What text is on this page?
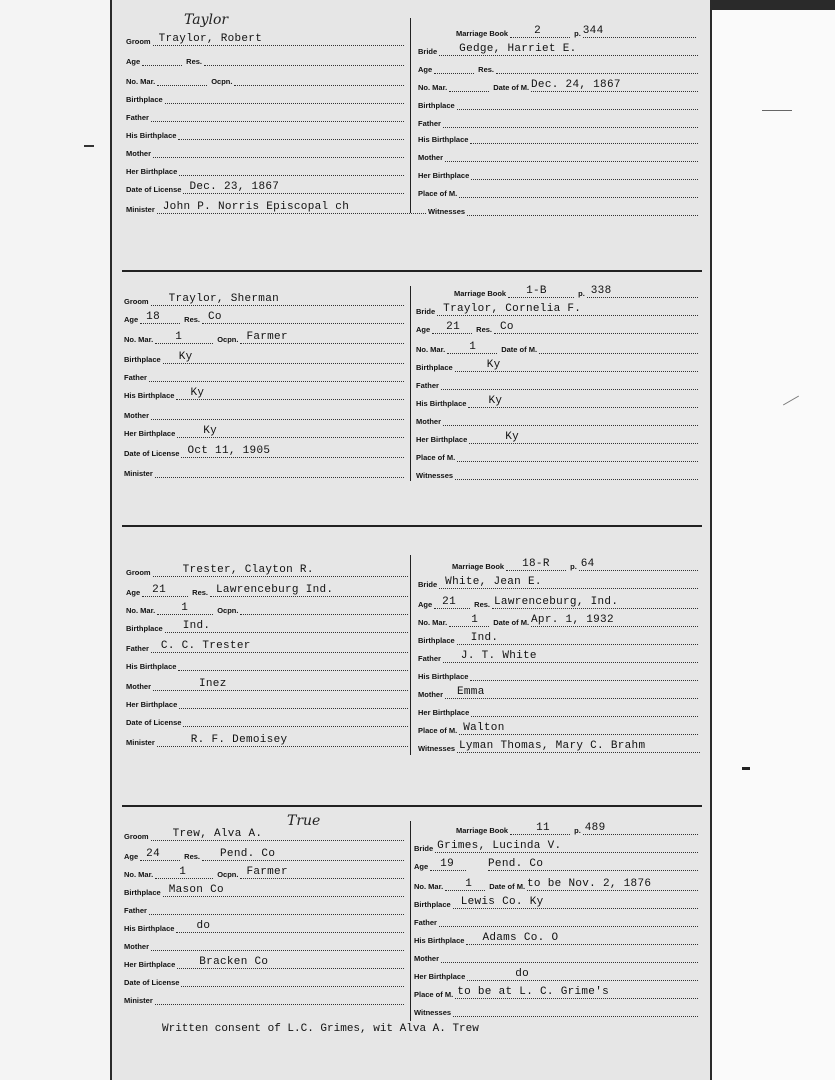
Taylor
Groom Traylor, Robert
Age	Res.
No. Mar.	Ocpn.
Birthplace
Father
His Birthplace
Mother
Her Birthplace
Date of License Dec. 23, 1867
Minister John P. Norris Episcopal ch
Marriage Book 2	p. 344
Bride Gedge, Harriet E.
Age	Res.
No. Mar.	Date of M. Dec. 24, 1867
Birthplace
Father
His Birthplace
Mother
Her Birthplace
Place of M.
Witnesses
Groom Traylor, Sherman
Age 18	Res. Co
No. Mar. 1	Ocpn. Farmer
Birthplace Ky
Father
His Birthplace Ky
Mother
Her Birthplace	Ky
Date of License Oct 11, 1905
Minister
Marriage Book 1-B	p. 338
Bride Traylor, Cornelia F.
Age 21 Res. Co
No. Mar. 1	Date of M.
Birthplace	Ky
Father
His Birthplace Ky
Mother
Her Birthplace	Ky
Place of M.
Witnesses
Groom	Trester, Clayton R.
Age 21	Res. Lawrenceburg Ind.
No. Mar. 1	Ocpn.
Birthplace Ind.
Father C. C. Trester
His Birthplace
Mother	Inez
Her Birthplace
Date of License
Minister	R. F. Demoisey
Marriage Book 18-R	p. 64
Bride White, Jean E.
Age 21 Res. Lawrenceburg, Ind.
No. Mar. 1 Date of M. Apr. 1, 1932
Birthplace Ind.
Father J. T. White
His Birthplace
Mother Emma
Her Birthplace
Place of M. Walton
Witnesses Lyman Thomas, Mary C. Brahm
True
Groom Trew, Alva A.
Age 24	Res. Pend. Co
No. Mar. 1	Ocpn. Farmer
Birthplace Mason Co
Father
His Birthplace do
Mother
Her Birthplace Bracken Co
Date of License
Minister
Marriage Book	11	p. 489
Bride Grimes, Lucinda V.
Age 19	Pend. Co
No. Mar. 1 Date of M. to be Nov. 2, 1876
Birthplace Lewis Co. Ky
Father
His Birthplace Adams Co. O
Mother
Her Birthplace	do
Place of M. to be at L. C. Grime's
Witnesses
Written consent of L.C. Grimes, wit Alva A. Trew
